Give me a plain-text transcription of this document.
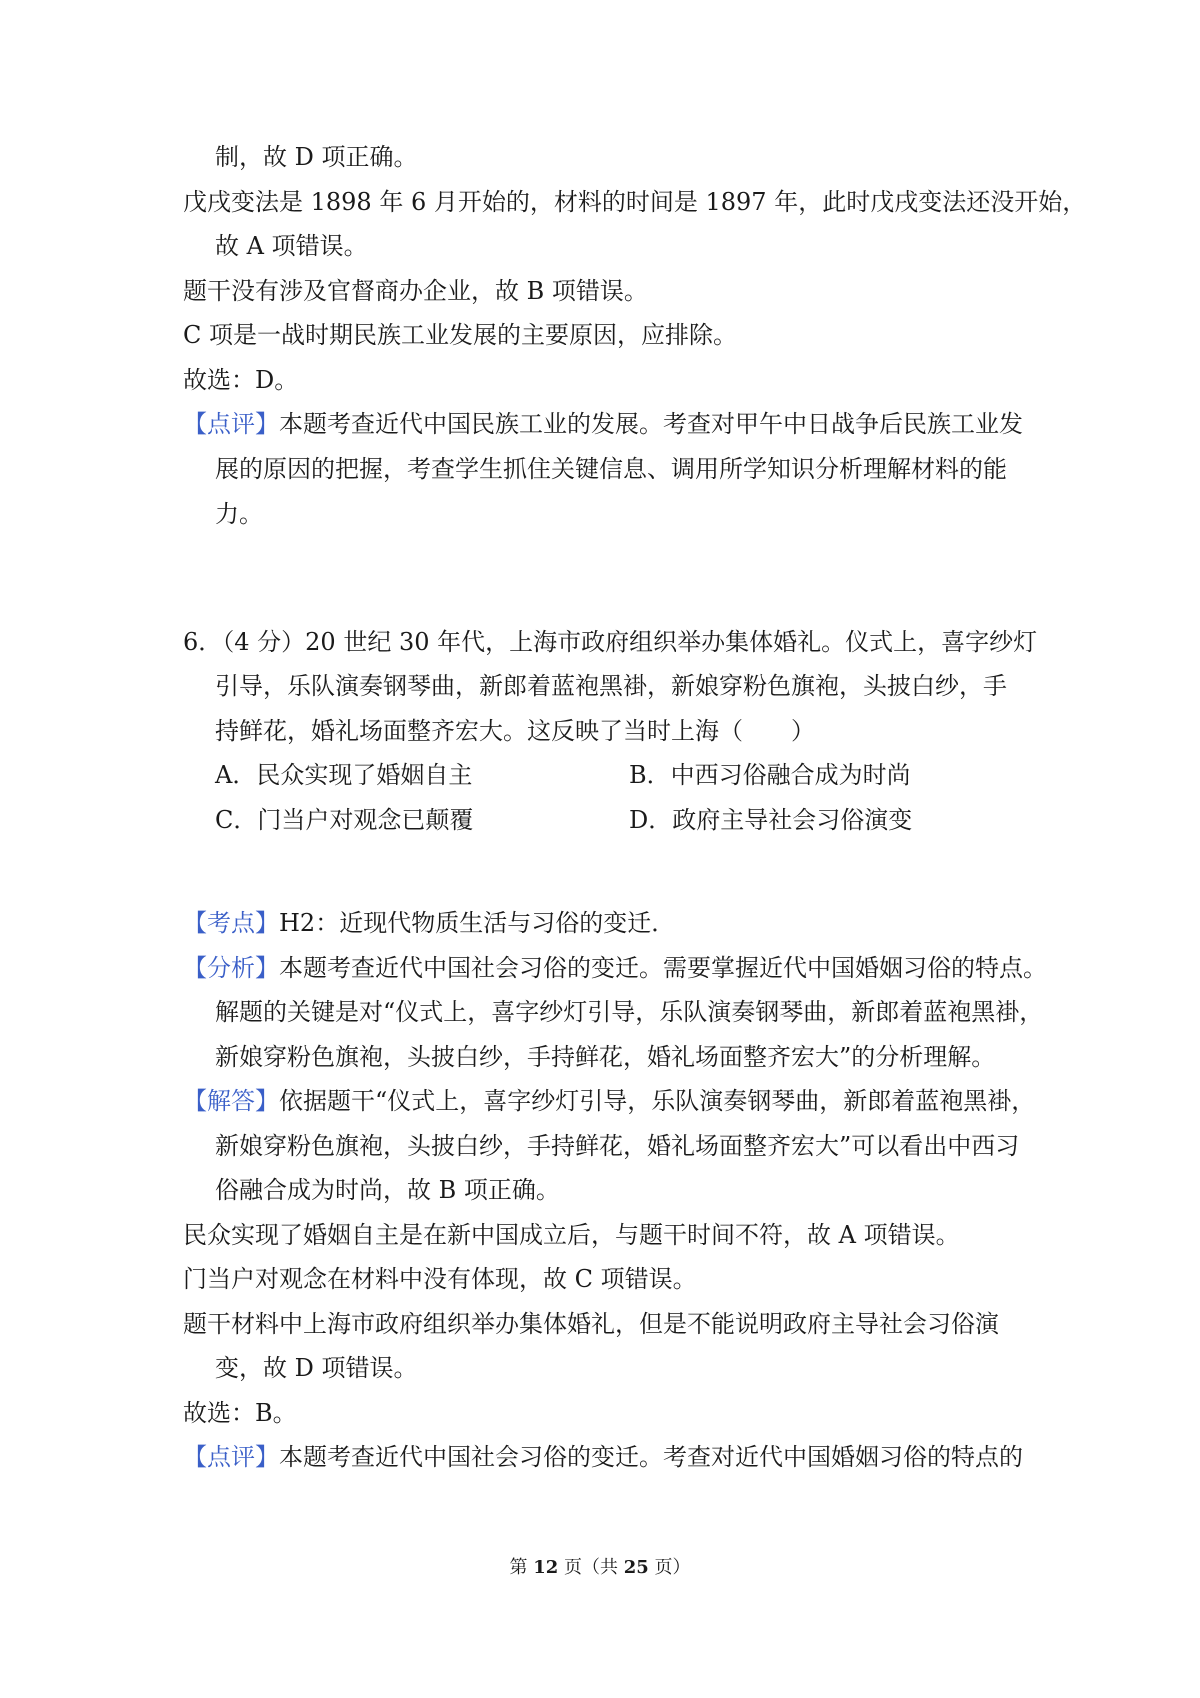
制，故 D 项正确。
戊戌变法是 1898 年 6 月开始的，材料的时间是 1897 年，此时戊戌变法还没开始，
故 A 项错误。
题干没有涉及官督商办企业，故 B 项错误。
C 项是一战时期民族工业发展的主要原因，应排除。
故选：D。
【点评】本题考查近代中国民族工业的发展。考查对甲午中日战争后民族工业发
展的原因的把握，考查学生抓住关键信息、调用所学知识分析理解材料的能
力。
6．（4 分）20 世纪 30 年代，上海市政府组织举办集体婚礼。仪式上，喜字纱灯
引导，乐队演奏钢琴曲，新郎着蓝袍黑褂，新娘穿粉色旗袍，头披白纱，手
持鲜花，婚礼场面整齐宏大。这反映了当时上海（　　）
A．民众实现了婚姻自主	B．中西习俗融合成为时尚
C．门当户对观念已颠覆	D．政府主导社会习俗演变
【考点】H2：近现代物质生活与习俗的变迁．
【分析】本题考查近代中国社会习俗的变迁。需要掌握近代中国婚姻习俗的特点。
解题的关键是对“仪式上，喜字纱灯引导，乐队演奏钢琴曲，新郎着蓝袍黑褂，
新娘穿粉色旗袍，头披白纱，手持鲜花，婚礼场面整齐宏大”的分析理解。
【解答】依据题干“仪式上，喜字纱灯引导，乐队演奏钢琴曲，新郎着蓝袍黑褂，
新娘穿粉色旗袍，头披白纱，手持鲜花，婚礼场面整齐宏大”可以看出中西习
俗融合成为时尚，故 B 项正确。
民众实现了婚姻自主是在新中国成立后，与题干时间不符，故 A 项错误。
门当户对观念在材料中没有体现，故 C 项错误。
题干材料中上海市政府组织举办集体婚礼，但是不能说明政府主导社会习俗演
变，故 D 项错误。
故选：B。
【点评】本题考查近代中国社会习俗的变迁。考查对近代中国婚姻习俗的特点的
第 12 页（共 25 页）
